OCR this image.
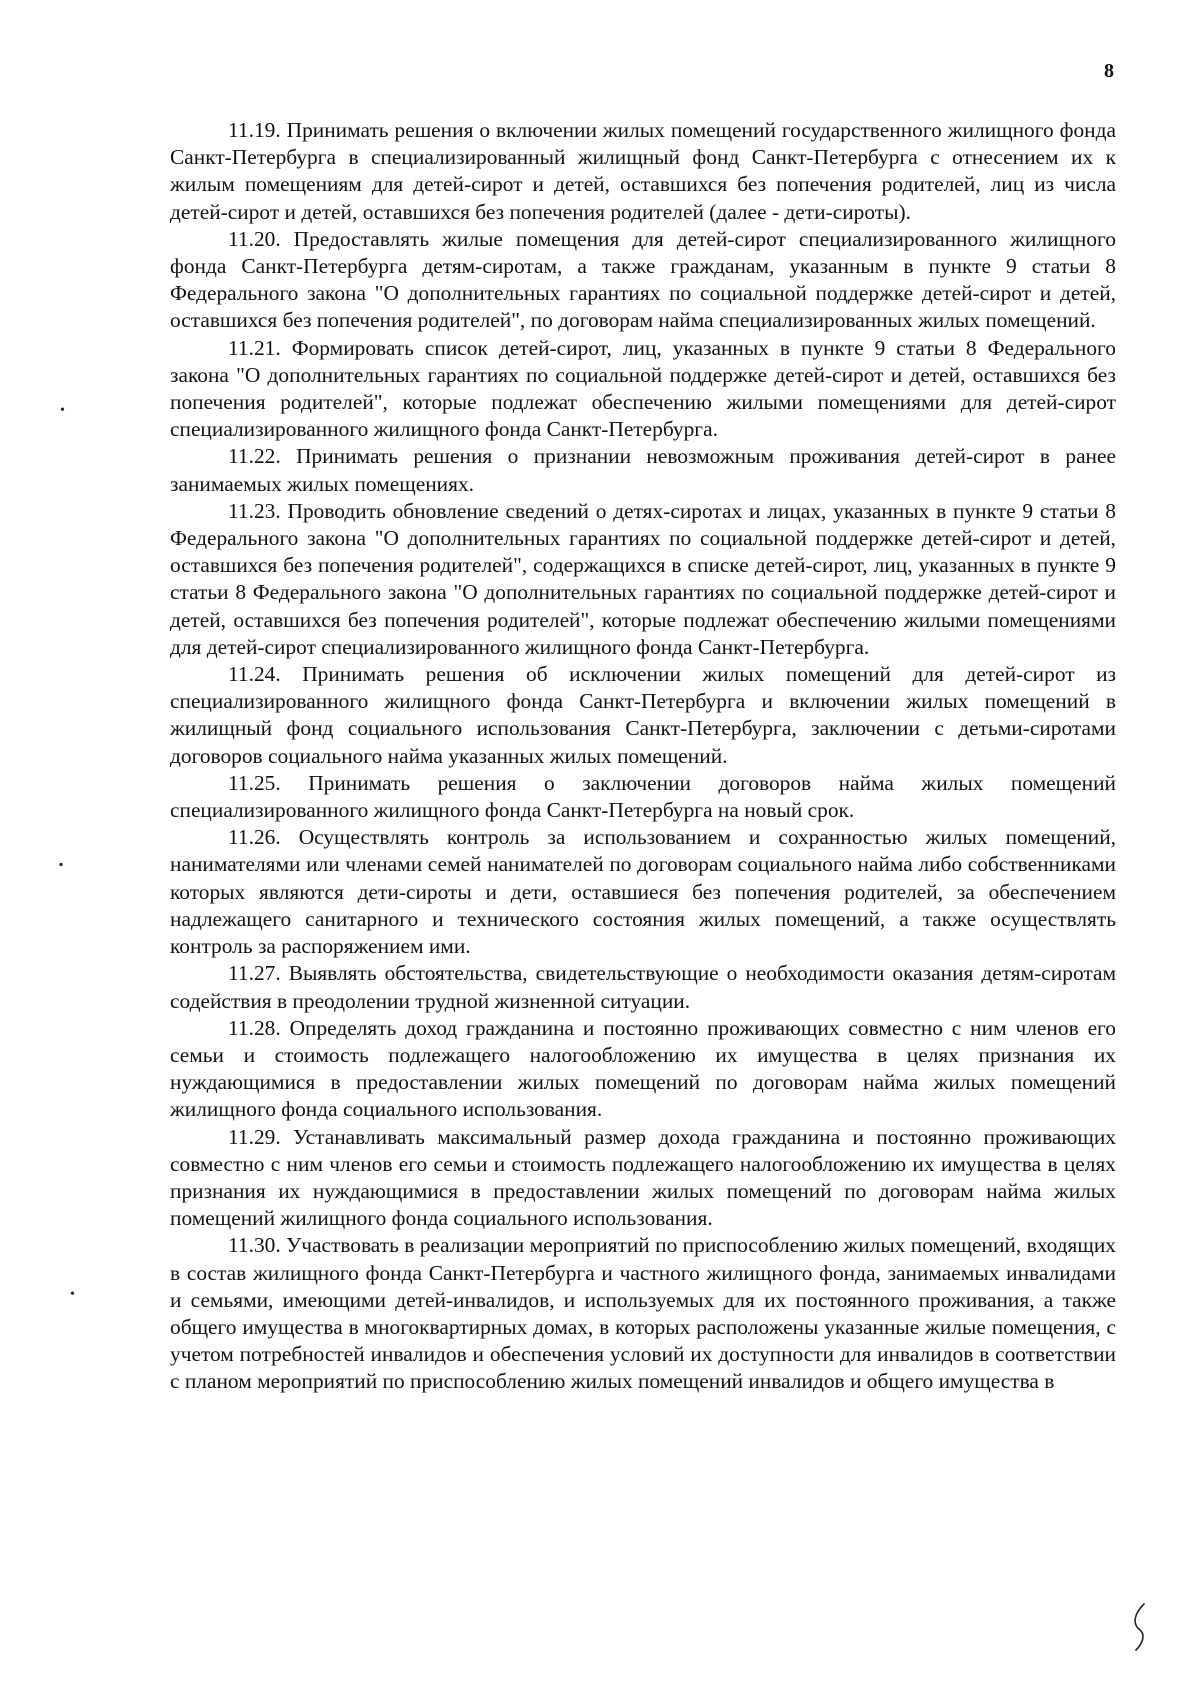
8

11.19. Принимать решения о включении жилых помещений государственного жилищного фонда Санкт-Петербурга в специализированный жилищный фонд Санкт-Петербурга с отнесением их к жилым помещениям для детей-сирот и детей, оставшихся без попечения родителей, лиц из числа детей-сирот и детей, оставшихся без попечения родителей (далее - дети-сироты).

11.20. Предоставлять жилые помещения для детей-сирот специализированного жилищного фонда Санкт-Петербурга детям-сиротам, а также гражданам, указанным в пункте 9 статьи 8 Федерального закона "О дополнительных гарантиях по социальной поддержке детей-сирот и детей, оставшихся без попечения родителей", по договорам найма специализированных жилых помещений.

11.21. Формировать список детей-сирот, лиц, указанных в пункте 9 статьи 8 Федерального закона "О дополнительных гарантиях по социальной поддержке детей-сирот и детей, оставшихся без попечения родителей", которые подлежат обеспечению жилыми помещениями для детей-сирот специализированного жилищного фонда Санкт-Петербурга.

11.22. Принимать решения о признании невозможным проживания детей-сирот в ранее занимаемых жилых помещениях.

11.23. Проводить обновление сведений о детях-сиротах и лицах, указанных в пункте 9 статьи 8 Федерального закона "О дополнительных гарантиях по социальной поддержке детей-сирот и детей, оставшихся без попечения родителей", содержащихся в списке детей-сирот, лиц, указанных в пункте 9 статьи 8 Федерального закона "О дополнительных гарантиях по социальной поддержке детей-сирот и детей, оставшихся без попечения родителей", которые подлежат обеспечению жилыми помещениями для детей-сирот специализированного жилищного фонда Санкт-Петербурга.

11.24. Принимать решения об исключении жилых помещений для детей-сирот из специализированного жилищного фонда Санкт-Петербурга и включении жилых помещений в жилищный фонд социального использования Санкт-Петербурга, заключении с детьми-сиротами договоров социального найма указанных жилых помещений.

11.25. Принимать решения о заключении договоров найма жилых помещений специализированного жилищного фонда Санкт-Петербурга на новый срок.

11.26. Осуществлять контроль за использованием и сохранностью жилых помещений, нанимателями или членами семей нанимателей по договорам социального найма либо собственниками которых являются дети-сироты и дети, оставшиеся без попечения родителей, за обеспечением надлежащего санитарного и технического состояния жилых помещений, а также осуществлять контроль за распоряжением ими.

11.27. Выявлять обстоятельства, свидетельствующие о необходимости оказания детям-сиротам содействия в преодолении трудной жизненной ситуации.

11.28. Определять доход гражданина и постоянно проживающих совместно с ним членов его семьи и стоимость подлежащего налогообложению их имущества в целях признания их нуждающимися в предоставлении жилых помещений по договорам найма жилых помещений жилищного фонда социального использования.

11.29. Устанавливать максимальный размер дохода гражданина и постоянно проживающих совместно с ним членов его семьи и стоимость подлежащего налогообложению их имущества в целях признания их нуждающимися в предоставлении жилых помещений по договорам найма жилых помещений жилищного фонда социального использования.

11.30. Участвовать в реализации мероприятий по приспособлению жилых помещений, входящих в состав жилищного фонда Санкт-Петербурга и частного жилищного фонда, занимаемых инвалидами и семьями, имеющими детей-инвалидов, и используемых для их постоянного проживания, а также общего имущества в многоквартирных домах, в которых расположены указанные жилые помещения, с учетом потребностей инвалидов и обеспечения условий их доступности для инвалидов в соответствии с планом мероприятий по приспособлению жилых помещений инвалидов и общего имущества в

•
•
•
